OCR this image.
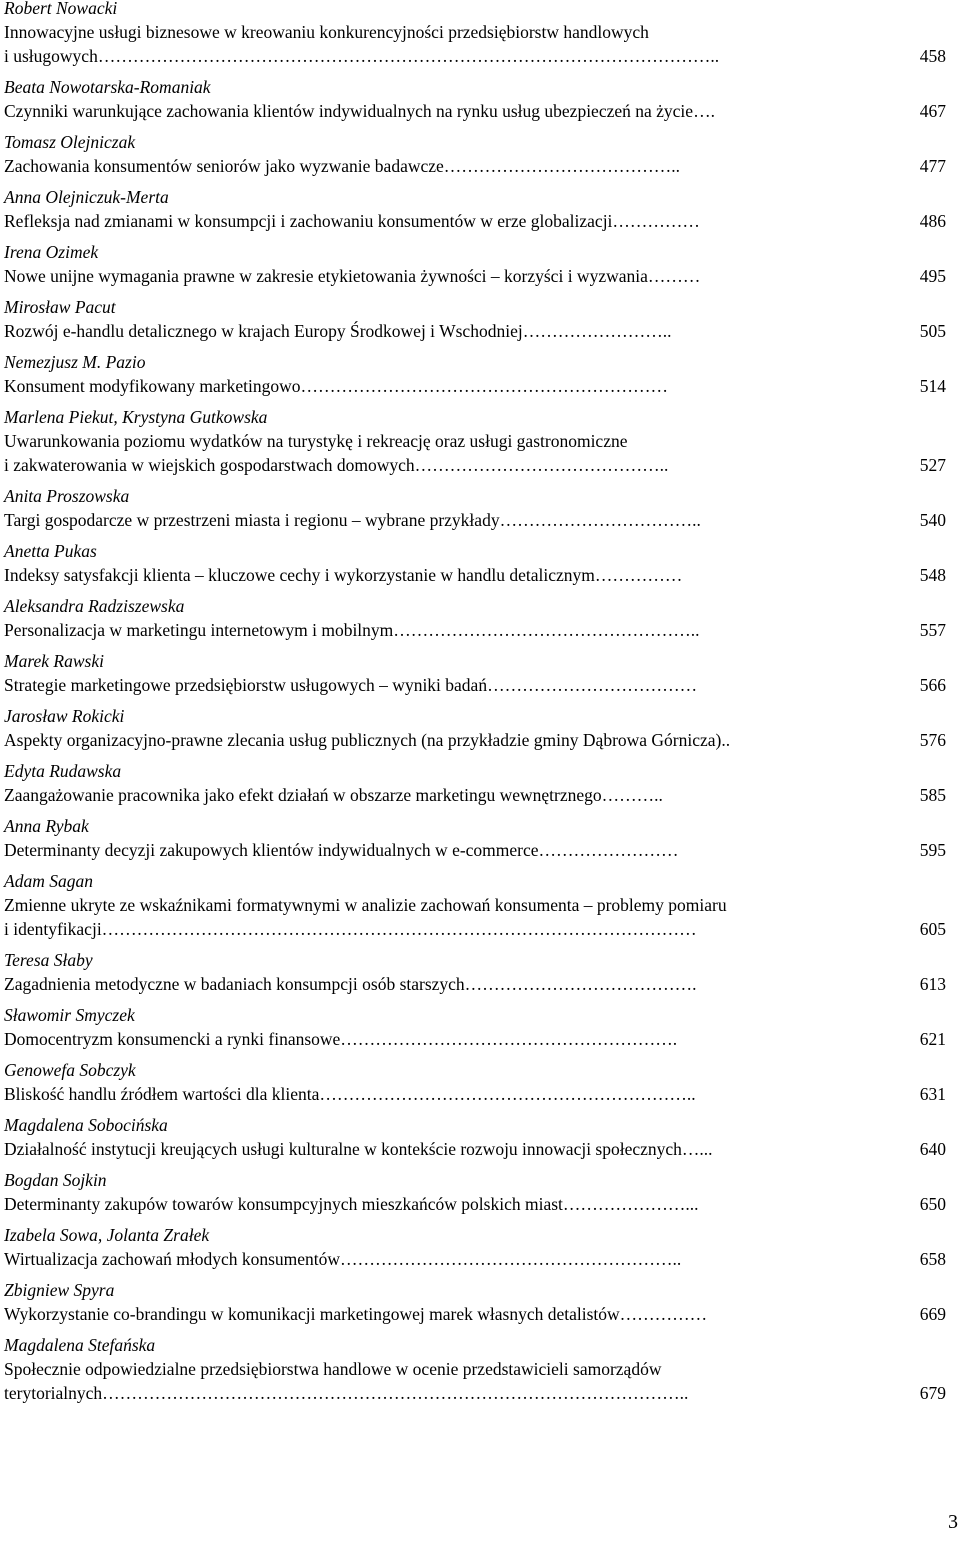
Robert Nowacki
Innowacyjne usługi biznesowe w kreowaniu konkurencyjności przedsiębiorstw handlowych
i usługowych……………………………………………………………………………………………..	458
Beata Nowotarska-Romaniak
Czynniki warunkujące zachowania klientów indywidualnych na rynku usług ubezpieczeń na życie….	467
Tomasz Olejniczak
Zachowania konsumentów seniorów jako wyzwanie badawcze…………………………………..	477
Anna Olejniczuk-Merta
Refleksja nad zmianami w konsumpcji i zachowaniu konsumentów w erze globalizacji……………	486
Irena Ozimek
Nowe unijne wymagania prawne w zakresie etykietowania żywności – korzyści i wyzwania………	495
Mirosław Pacut
Rozwój e-handlu detalicznego w krajach Europy Środkowej i Wschodniej……………………..	505
Nemezjusz M. Pazio
Konsument modyfikowany marketingowo………………………………………………………	514
Marlena Piekut, Krystyna Gutkowska
Uwarunkowania poziomu wydatków na turystykę i rekreację oraz usługi gastronomiczne
i zakwaterowania w wiejskich gospodarstwach domowych……………………………………..	527
Anita Proszowska
Targi gospodarcze w przestrzeni miasta i regionu – wybrane przykłady……………………………..	540
Anetta Pukas
Indeksy satysfakcji klienta – kluczowe cechy i wykorzystanie w handlu detalicznym……………	548
Aleksandra Radziszewska
Personalizacja w marketingu internetowym i mobilnym……………………………………………..	557
Marek Rawski
Strategie marketingowe przedsiębiorstw usługowych – wyniki badań………………………………	566
Jarosław Rokicki
Aspekty organizacyjno-prawne zlecania usług publicznych (na przykładzie gminy Dąbrowa Górnicza)..	576
Edyta Rudawska
Zaangażowanie pracownika jako efekt działań w obszarze marketingu wewnętrznego………..	585
Anna Rybak
Determinanty decyzji zakupowych klientów indywidualnych w e-commerce……………………	595
Adam Sagan
Zmienne ukryte ze wskaźnikami formatywnymi w analizie zachowań konsumenta – problemy pomiaru
i identyfikacji…………………………………………………………………………………………	605
Teresa Słaby
Zagadnienia metodyczne w badaniach konsumpcji osób starszych………………………………….	613
Sławomir Smyczek
Domocentryzm konsumencki a rynki finansowe………………………………………………….	621
Genowefa Sobczyk
Bliskość handlu źródłem wartości dla klienta………………………………………………………..	631
Magdalena Sobocińska
Działalność instytucji kreujących usługi kulturalne w kontekście rozwoju innowacji społecznych…...	640
Bogdan Sojkin
Determinanty zakupów towarów konsumpcyjnych mieszkańców polskich miast…………………...	650
Izabela Sowa, Jolanta Zrałek
Wirtualizacja zachowań młodych konsumentów…………………………………………………..	658
Zbigniew Spyra
Wykorzystanie co-brandingu w komunikacji marketingowej marek własnych detalistów……………	669
Magdalena Stefańska
Społecznie odpowiedzialne przedsiębiorstwa handlowe w ocenie przedstawicieli samorządów
terytorialnych………………………………………………………………………………………..	679
3
